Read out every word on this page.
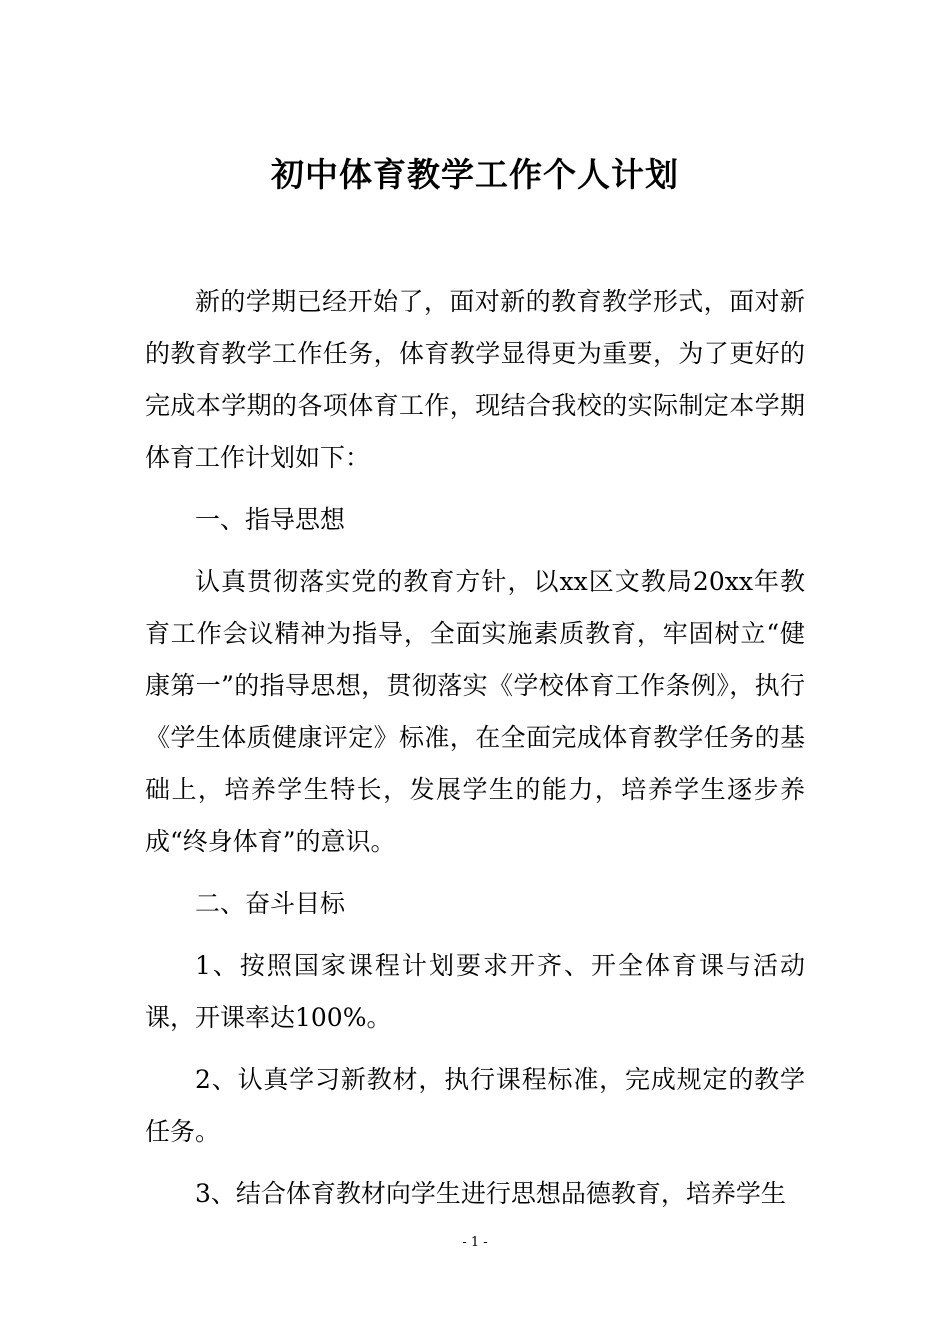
初中体育教学工作个人计划

新的学期已经开始了，面对新的教育教学形式，面对新的教育教学工作任务，体育教学显得更为重要，为了更好的完成本学期的各项体育工作，现结合我校的实际制定本学期体育工作计划如下：

一、指导思想

认真贯彻落实党的教育方针，以xx区文教局20xx年教育工作会议精神为指导，全面实施素质教育，牢固树立“健康第一”的指导思想，贯彻落实《学校体育工作条例》，执行《学生体质健康评定》标准，在全面完成体育教学任务的基础上，培养学生特长，发展学生的能力，培养学生逐步养成“终身体育”的意识。

二、奋斗目标

1、按照国家课程计划要求开齐、开全体育课与活动课，开课率达100%。

2、认真学习新教材，执行课程标准，完成规定的教学任务。

3、结合体育教材向学生进行思想品德教育，培养学生

- 1 -
